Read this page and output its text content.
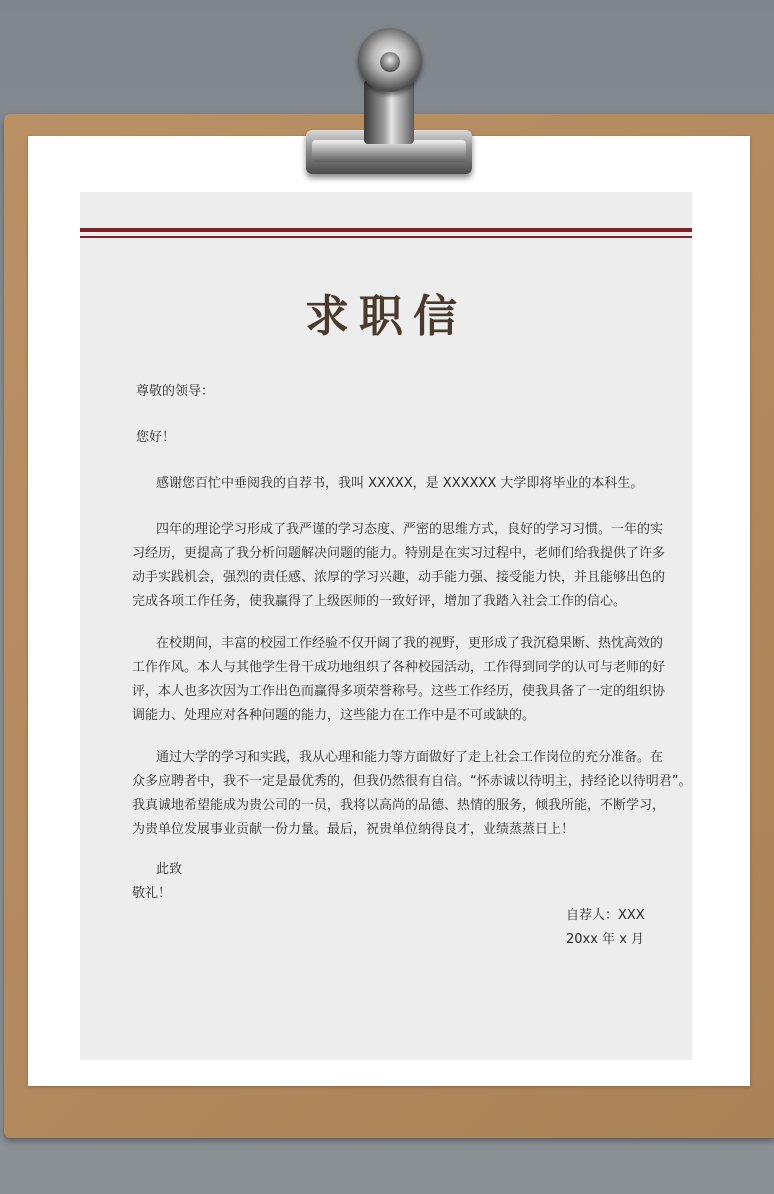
求职信
尊敬的领导：
您好！
感谢您百忙中垂阅我的自荐书，我叫 XXXXX，是 XXXXXX 大学即将毕业的本科生。
四年的理论学习形成了我严谨的学习态度、严密的思维方式，良好的学习习惯。一年的实
习经历，更提高了我分析问题解决问题的能力。特别是在实习过程中，老师们给我提供了许多
动手实践机会，强烈的责任感、浓厚的学习兴趣，动手能力强、接受能力快，并且能够出色的
完成各项工作任务，使我赢得了上级医师的一致好评，增加了我踏入社会工作的信心。
在校期间，丰富的校园工作经验不仅开阔了我的视野，更形成了我沉稳果断、热忱高效的
工作作风。本人与其他学生骨干成功地组织了各种校园活动，工作得到同学的认可与老师的好
评，本人也多次因为工作出色而赢得多项荣誉称号。这些工作经历，使我具备了一定的组织协
调能力、处理应对各种问题的能力，这些能力在工作中是不可或缺的。
通过大学的学习和实践，我从心理和能力等方面做好了走上社会工作岗位的充分准备。在
众多应聘者中，我不一定是最优秀的，但我仍然很有自信。“怀赤诚以待明主，持经论以待明君”。
我真诚地希望能成为贵公司的一员，我将以高尚的品德、热情的服务，倾我所能，不断学习，
为贵单位发展事业贡献一份力量。最后，祝贵单位纳得良才，业绩蒸蒸日上！
此致
敬礼！
自荐人：XXX
20xx 年 x 月
